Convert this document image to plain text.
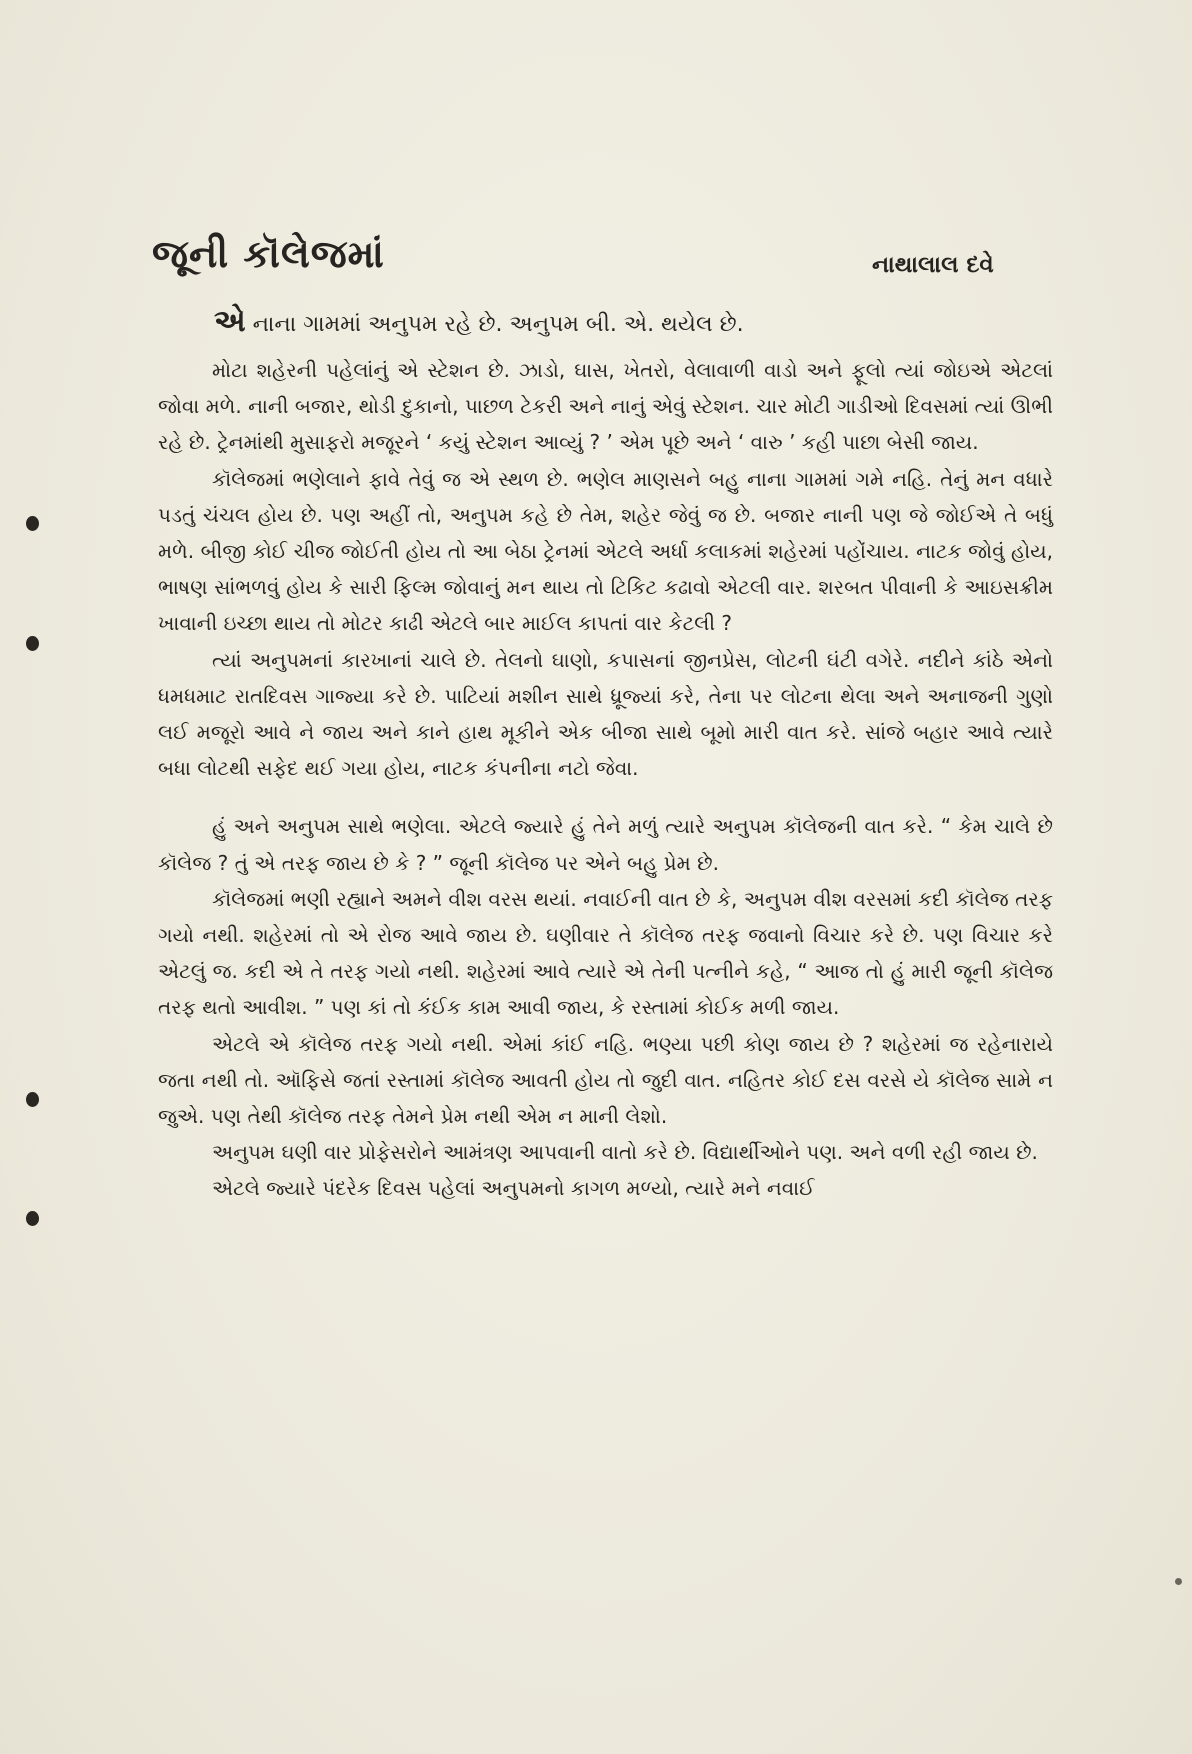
જૂની કૉલેજમાં	નાથાલાલ દવે
એ નાના ગામમાં અનુપમ રહે છે. અનુપમ બી. એ. થયેલ છે.

મોટા શહેરની પહેલાંનું એ સ્ટેશન છે. ઝાડો, ઘાસ, ખેતરો, વેલાવાળી વાડો અને ફૂલો ત્યાં જોઇએ એટલાં જોવા મળે. નાની બજાર, થોડી દુકાનો, પાછળ ટેકરી અને નાનું એવું સ્ટેશન. ચાર મોટી ગાડીઓ દિવસમાં ત્યાં ઊભી રહે છે. ટ્રેનમાંથી મુસાફરો મજૂરને ‘ કયું સ્ટેશન આવ્યું ? ’ એમ પૂછે અને ‘ વારુ ’ કહી પાછા બેસી જાય.

કૉલેજમાં ભણેલાને ફાવે તેવું જ એ સ્થળ છે. ભણેલ માણસને બહુ નાના ગામમાં ગમે નહિ. તેનું મન વધારે પડતું ચંચલ હોય છે. પણ અહીં તો, અનુપમ કહે છે તેમ, શહેર જેવું જ છે. બજાર નાની પણ જે જોઈએ તે બધું મળે. બીજી કોઈ ચીજ જોઈતી હોય તો આ બેઠા ટ્રેનમાં એટલે અર્ધા કલાકમાં શહેરમાં પહોંચાય. નાટક જોવું હોય, ભાષણ સાંભળવું હોય કે સારી ફિલ્મ જોવાનું મન થાય તો ટિકિટ કઢાવો એટલી વાર. શરબત પીવાની કે આઇસક્રીમ ખાવાની ઇચ્છા થાય તો મોટર કાઢી એટલે બાર માઈલ કાપતાં વાર કેટલી ?

ત્યાં અનુપમનાં કારખાનાં ચાલે છે. તેલનો ઘાણો, કપાસનાં જીનપ્રેસ, લોટની ઘંટી વગેરે. નદીને કાંઠે એનો ધમધમાટ રાતદિવસ ગાજ્યા કરે છે. પાટિયાં મશીન સાથે ધ્રૂજ્યાં કરે, તેના પર લોટના થેલા અને અનાજની ગુણો લઈ મજૂરો આવે ને જાય અને કાને હાથ મૂકીને એક બીજા સાથે બૂમો મારી વાત કરે. સાંજે બહાર આવે ત્યારે બધા લોટથી સફેદ થઈ ગયા હોય, નાટક કંપનીના નટો જેવા.

હું અને અનુપમ સાથે ભણેલા. એટલે જ્યારે હું તેને મળું ત્યારે અનુપમ કૉલેજની વાત કરે. “ કેમ ચાલે છે કૉલેજ ? તું એ તરફ જાય છે કે ? ” જૂની કૉલેજ પર એને બહુ પ્રેમ છે.

કૉલેજમાં ભણી રહ્યાને અમને વીશ વરસ થયાં. નવાઈની વાત છે કે, અનુપમ વીશ વરસમાં કદી કૉલેજ તરફ ગયો નથી. શહેરમાં તો એ રોજ આવે જાય છે. ઘણીવાર તે કૉલેજ તરફ જવાનો વિચાર કરે છે. પણ વિચાર કરે એટલું જ. કદી એ તે તરફ ગયો નથી. શહેરમાં આવે ત્યારે એ તેની પત્નીને કહે, “ આજ તો હું મારી જૂની કૉલેજ તરફ થતો આવીશ. ” પણ કાં તો કંઈક કામ આવી જાય, કે રસ્તામાં કોઈક મળી જાય.

એટલે એ કૉલેજ તરફ ગયો નથી. એમાં કાંઈ નહિ. ભણ્યા પછી કોણ જાય છે ? શહેરમાં જ રહેનારાયે જતા નથી તો. ઑફિસે જતાં રસ્તામાં કૉલેજ આવતી હોય તો જુદી વાત. નહિતર કોઈ દસ વરસે યે કૉલેજ સામે ન જુએ. પણ તેથી કૉલેજ તરફ તેમને પ્રેમ નથી એમ ન માની લેશો.

અનુપમ ઘણી વાર પ્રોફેસરોને આમંત્રણ આપવાની વાતો કરે છે. વિદ્યાર્થીઓને પણ. અને વળી રહી જાય છે.

એટલે જ્યારે પંદરેક દિવસ પહેલાં અનુપમનો કાગળ મળ્યો, ત્યારે મને નવાઈ
